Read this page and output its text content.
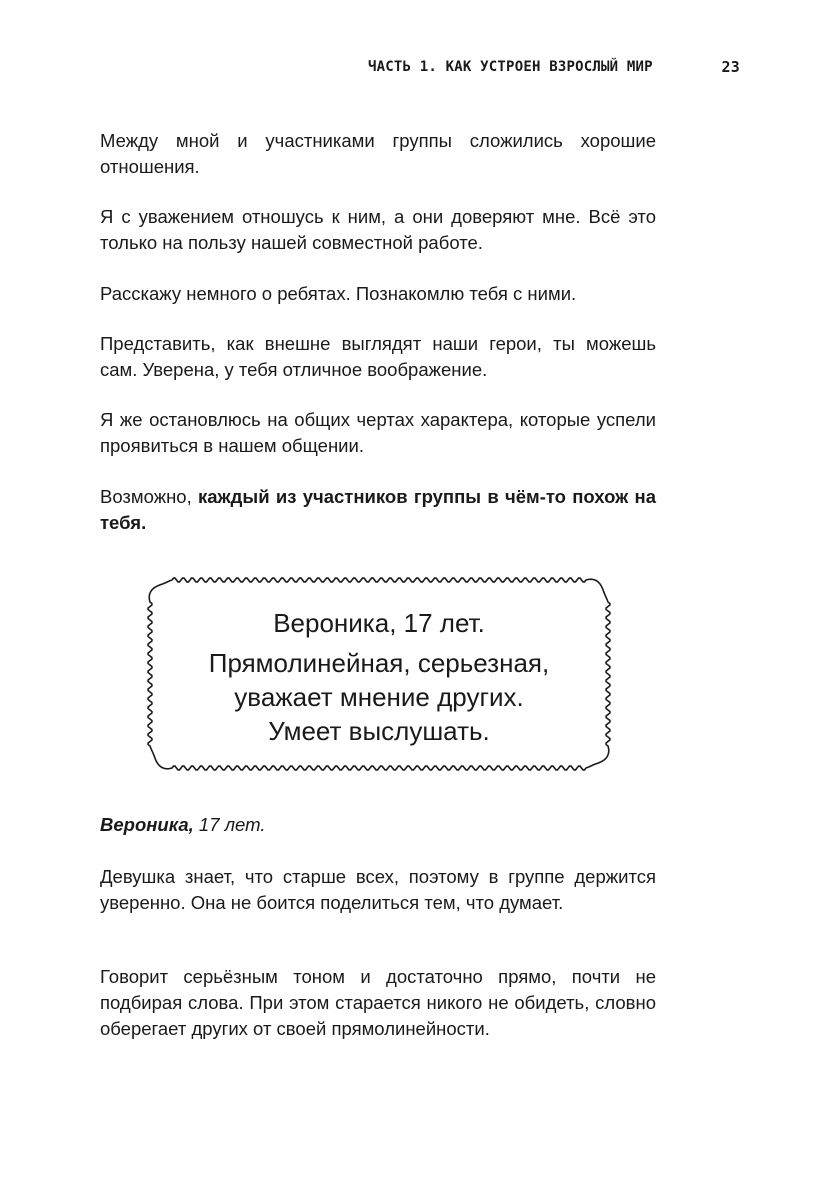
ЧАСТЬ 1. КАК УСТРОЕН ВЗРОСЛЫЙ МИР	23

Между мной и участниками группы сложились хорошие отношения.

Я с уважением отношусь к ним, а они доверяют мне. Всё это только на пользу нашей совместной работе.

Расскажу немного о ребятах. Познакомлю тебя с ними.

Представить, как внешне выглядят наши герои, ты можешь сам. Уверена, у тебя отличное воображение.

Я же остановлюсь на общих чертах характера, которые успели проявиться в нашем общении.

Возможно, каждый из участников группы в чём-то похож на тебя.

Вероника, 17 лет.
Прямолинейная, серьезная,
уважает мнение других.
Умеет выслушать.

Вероника, 17 лет.

Девушка знает, что старше всех, поэтому в группе держится уверенно. Она не боится поделиться тем, что думает.

Говорит серьёзным тоном и достаточно прямо, почти не подбирая слова. При этом старается никого не обидеть, словно оберегает других от своей прямолинейности.
